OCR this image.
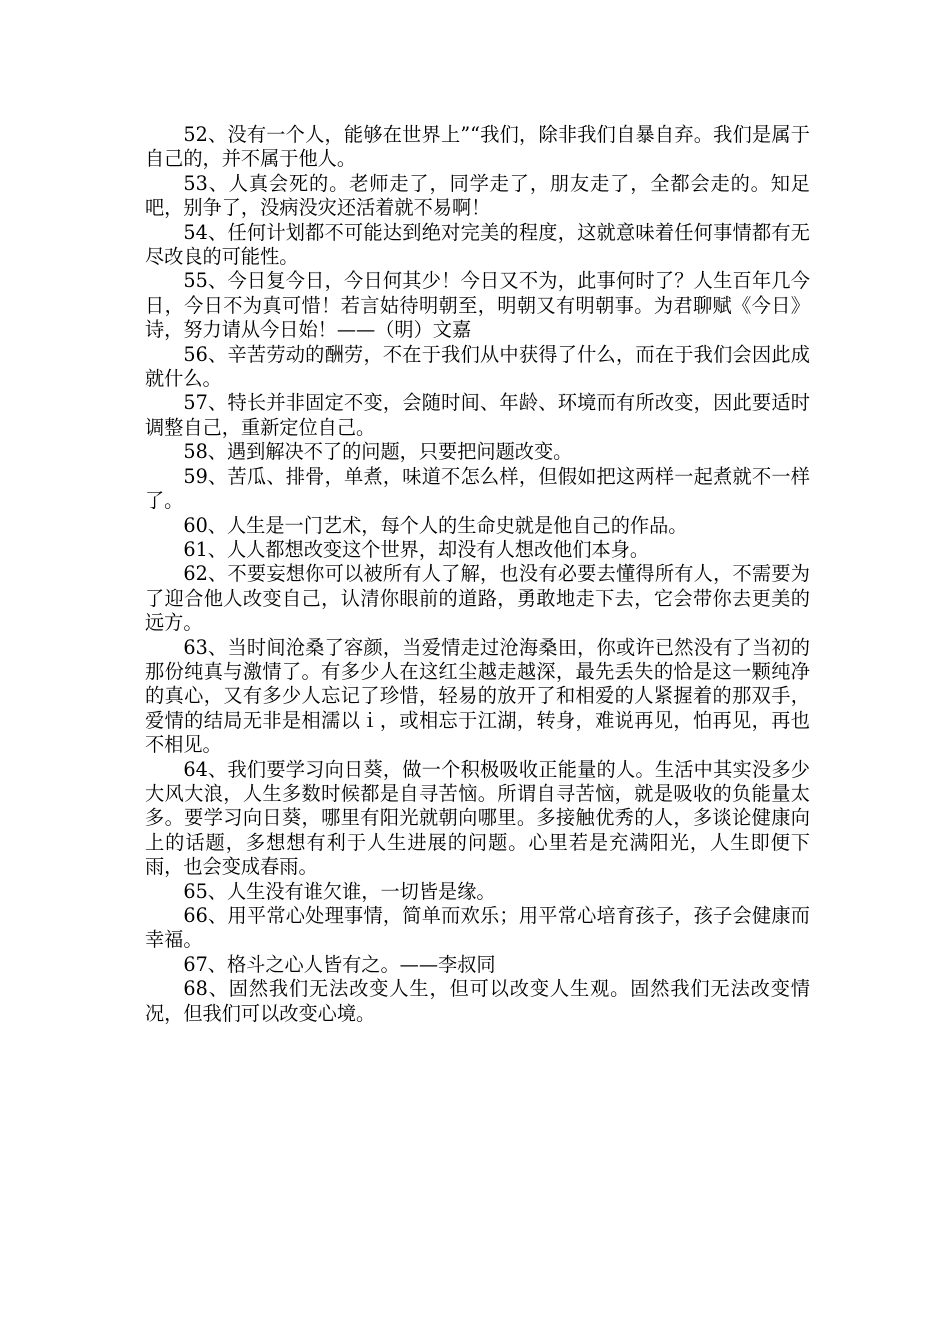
52、没有一个人，能够在世界上”“我们，除非我们自暴自弃。我们是属于自己的，并不属于他人。

53、人真会死的。老师走了，同学走了，朋友走了，全都会走的。知足吧，别争了，没病没灾还活着就不易啊！

54、任何计划都不可能达到绝对完美的程度，这就意味着任何事情都有无尽改良的可能性。

55、今日复今日，今日何其少！今日又不为，此事何时了？人生百年几今日，今日不为真可惜！若言姑待明朝至，明朝又有明朝事。为君聊赋《今日》诗，努力请从今日始！——（明）文嘉

56、辛苦劳动的酬劳，不在于我们从中获得了什么，而在于我们会因此成就什么。

57、特长并非固定不变，会随时间、年龄、环境而有所改变，因此要适时调整自己，重新定位自己。

58、遇到解决不了的问题，只要把问题改变。

59、苦瓜、排骨，单煮，味道不怎么样，但假如把这两样一起煮就不一样了。

60、人生是一门艺术，每个人的生命史就是他自己的作品。

61、人人都想改变这个世界，却没有人想改他们本身。

62、不要妄想你可以被所有人了解，也没有必要去懂得所有人，不需要为了迎合他人改变自己，认清你眼前的道路，勇敢地走下去，它会带你去更美的远方。

63、当时间沧桑了容颜，当爱情走过沧海桑田，你或许已然没有了当初的那份纯真与激情了。有多少人在这红尘越走越深，最先丢失的恰是这一颗纯净的真心，又有多少人忘记了珍惜，轻易的放开了和相爱的人紧握着的那双手，爱情的结局无非是相濡以ｉ，或相忘于江湖，转身，难说再见，怕再见，再也不相见。

64、我们要学习向日葵，做一个积极吸收正能量的人。生活中其实没多少大风大浪，人生多数时候都是自寻苦恼。所谓自寻苦恼，就是吸收的负能量太多。要学习向日葵，哪里有阳光就朝向哪里。多接触优秀的人，多谈论健康向上的话题，多想想有利于人生进展的问题。心里若是充满阳光，人生即便下雨，也会变成春雨。

65、人生没有谁欠谁，一切皆是缘。

66、用平常心处理事情，简单而欢乐；用平常心培育孩子，孩子会健康而幸福。

67、格斗之心人皆有之。——李叔同

68、固然我们无法改变人生，但可以改变人生观。固然我们无法改变情况，但我们可以改变心境。
